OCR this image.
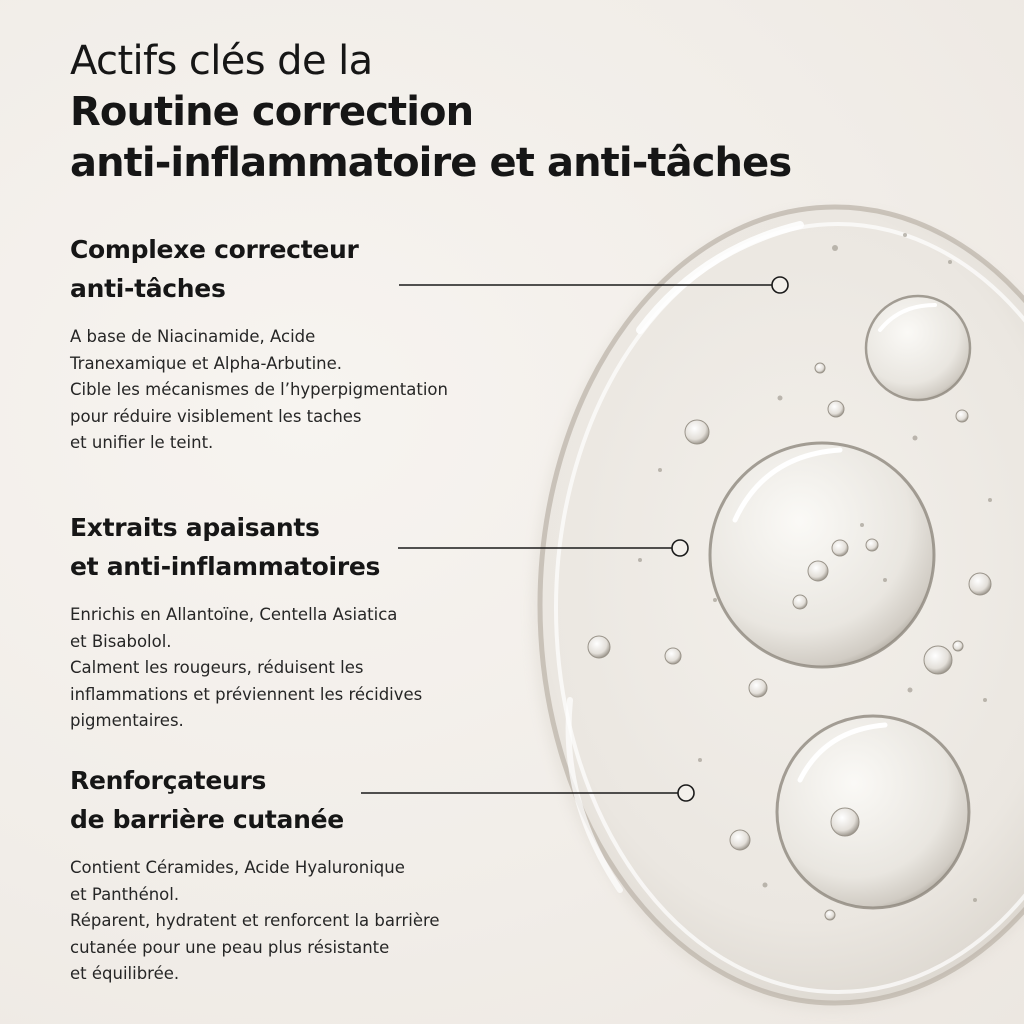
Actifs clés de la
Routine correction
anti-inflammatoire et anti-tâches
Complexe correcteur
anti-tâches

A base de Niacinamide, Acide

Tranexamique et Alpha-Arbutine.

Cible les mécanismes de l’hyperpigmentation

pour réduire visiblement les taches

et unifier le teint.

Extraits apaisants
et anti-inflammatoires

Enrichis en Allantoïne, Centella Asiatica

et Bisabolol.

Calment les rougeurs, réduisent les

inflammations et préviennent les récidives

pigmentaires.

Renforçateurs
de barrière cutanée

Contient Céramides, Acide Hyaluronique

et Panthénol.

Réparent, hydratent et renforcent la barrière

cutanée pour une peau plus résistante

et équilibrée.
